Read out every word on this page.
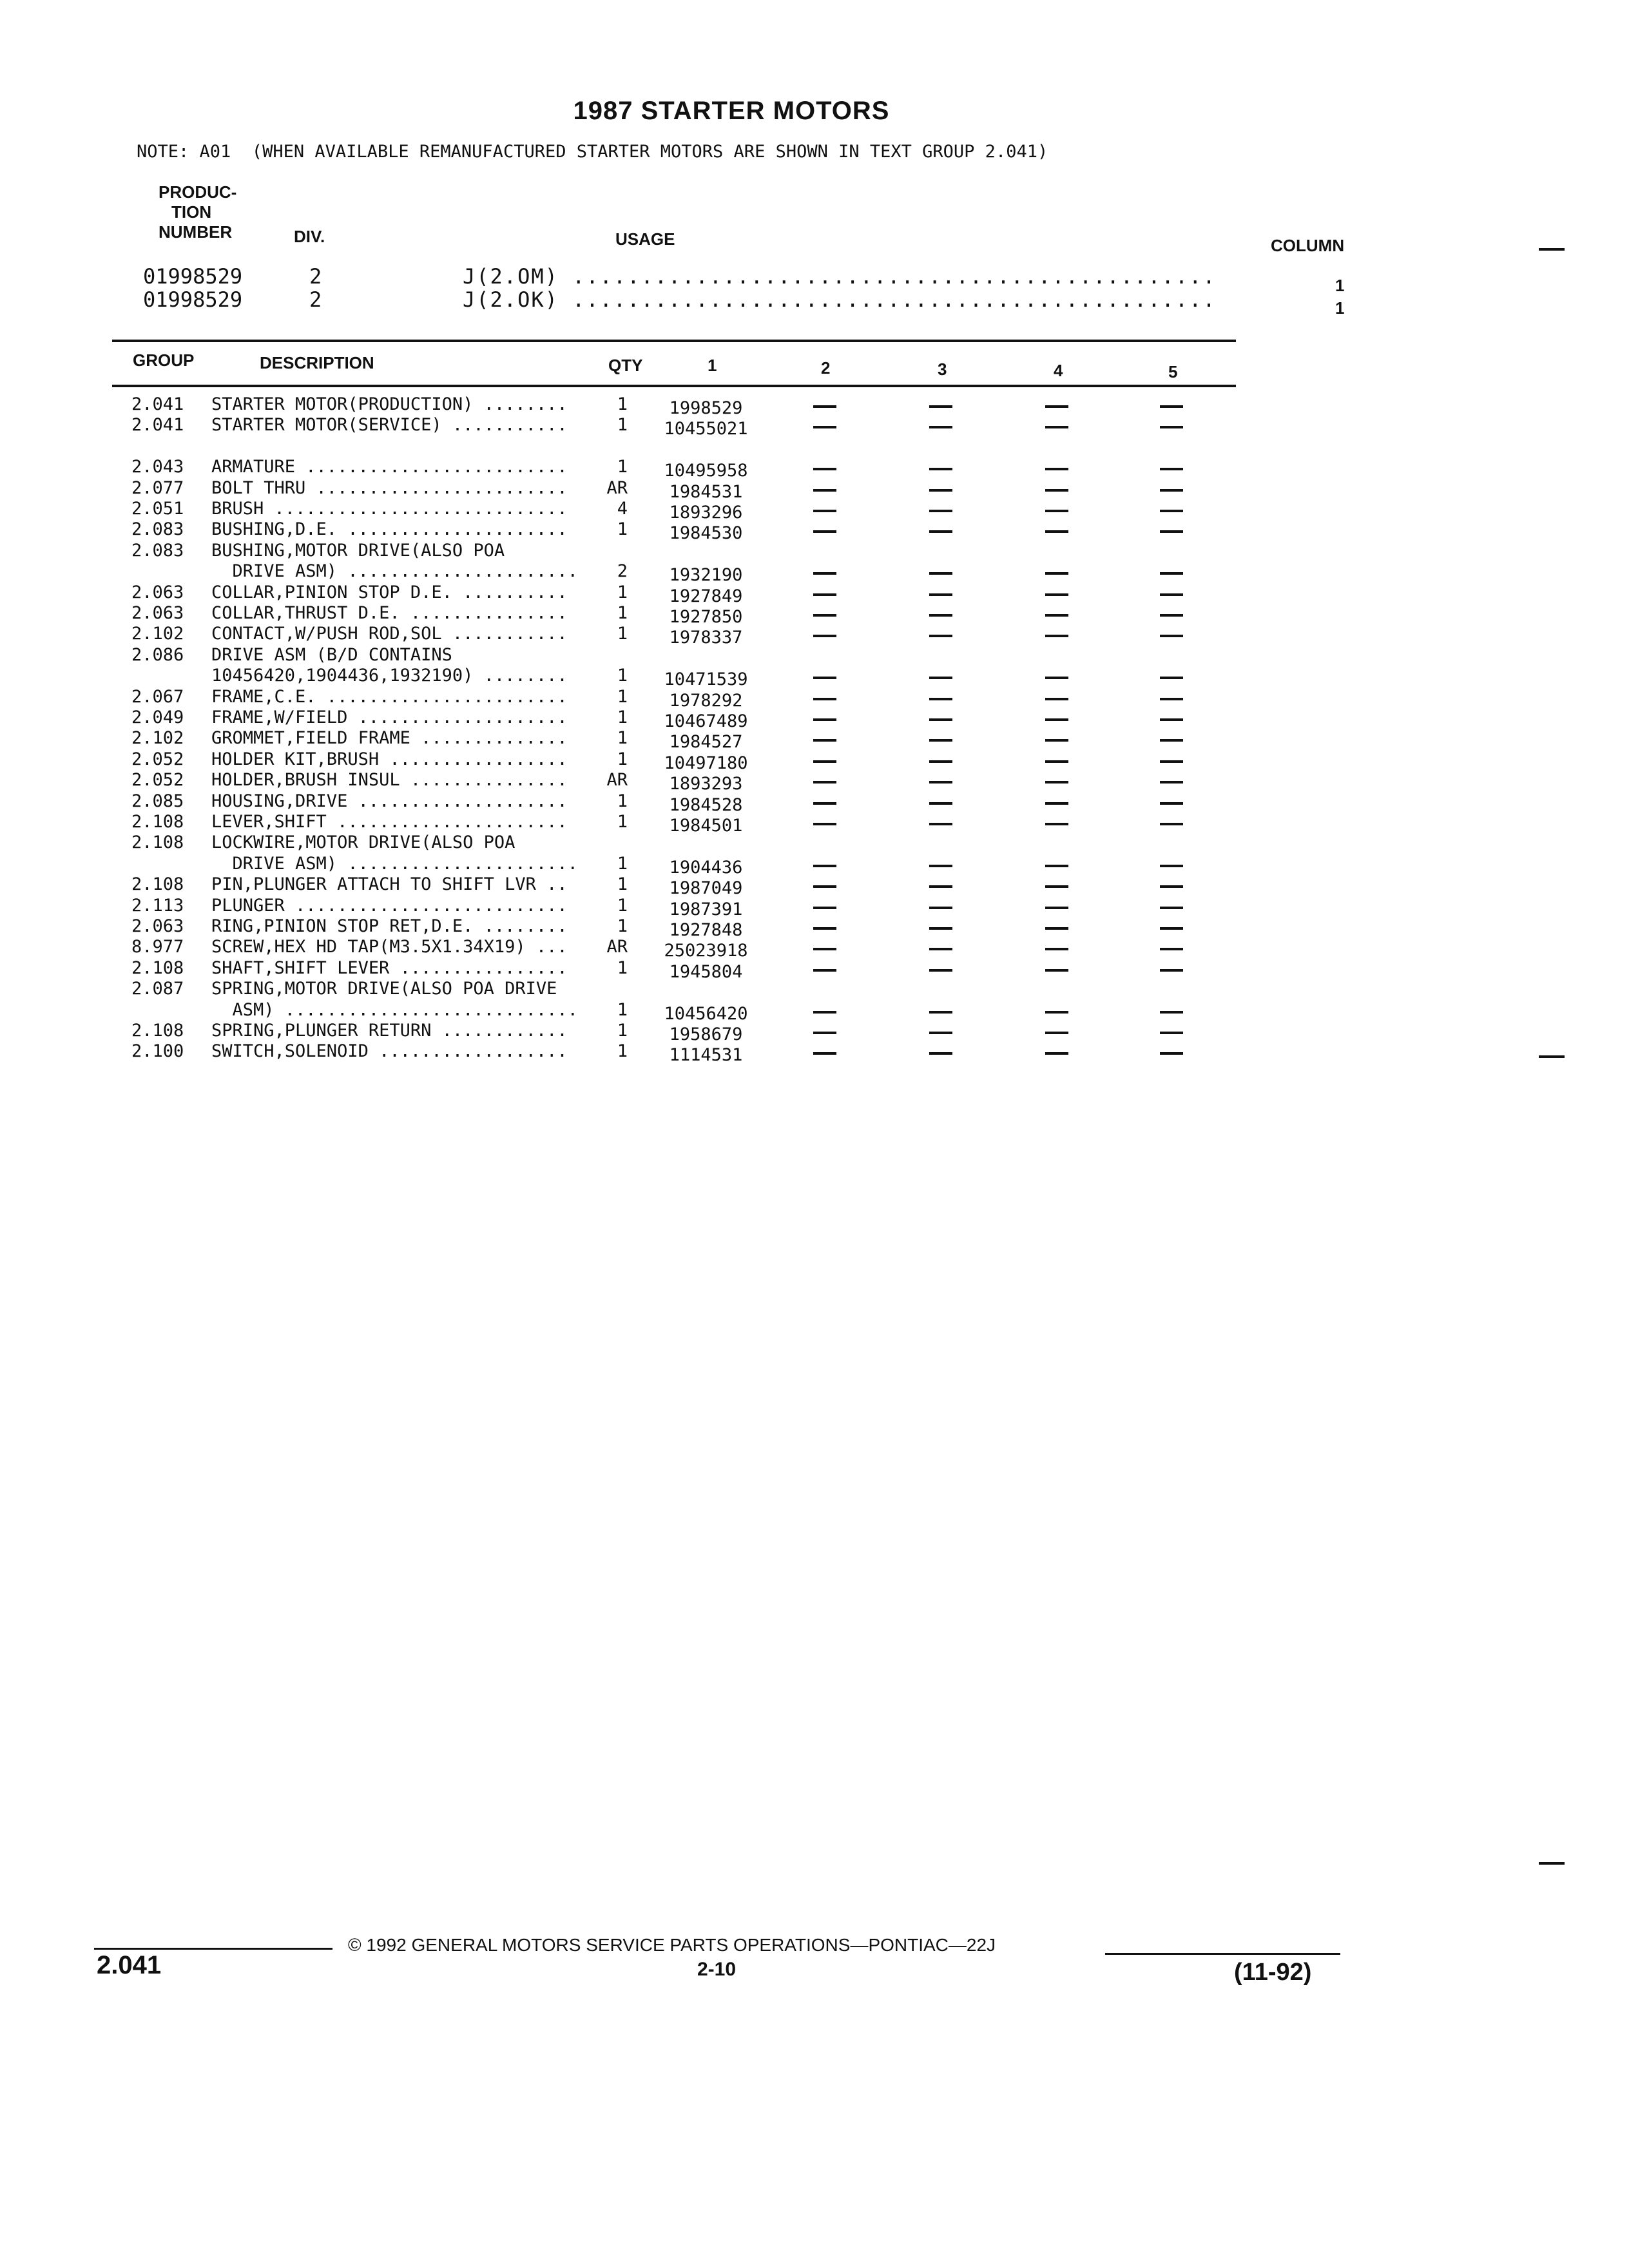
1987 STARTER MOTORS
NOTE: A01  (WHEN AVAILABLE REMANUFACTURED STARTER MOTORS ARE SHOWN IN TEXT GROUP 2.041)
PRODUC-
TION
NUMBER	DIV.	USAGE	COLUMN
01998529	2	J(2.OM) ...............................................	1
01998529	2	J(2.OK) ...............................................	1
GROUP	DESCRIPTION	QTY	1	2	3	4	5
2.041 STARTER MOTOR(PRODUCTION) ........	1	1998529
2.041 STARTER MOTOR(SERVICE) ...........	1	10455021
2.043 ARMATURE .........................	1	10495958
2.077 BOLT THRU ........................ AR	1984531
2.051 BRUSH ............................	4	1893296
2.083 BUSHING,D.E. .....................	1	1984530
2.083 BUSHING,MOTOR DRIVE(ALSO POA
DRIVE ASM) ......................	2	1932190
2.063 COLLAR,PINION STOP D.E. ..........	1	1927849
2.063 COLLAR,THRUST D.E. ...............	1	1927850
2.102 CONTACT,W/PUSH ROD,SOL ...........	1	1978337
2.086 DRIVE ASM (B/D CONTAINS
10456420,1904436,1932190) ........	1	10471539
2.067 FRAME,C.E. .......................	1	1978292
2.049 FRAME,W/FIELD ....................	1	10467489
2.102 GROMMET,FIELD FRAME ..............	1	1984527
2.052 HOLDER KIT,BRUSH .................	1	10497180
2.052 HOLDER,BRUSH INSUL ............... AR	1893293
2.085 HOUSING,DRIVE ....................	1	1984528
2.108 LEVER,SHIFT ......................	1	1984501
2.108 LOCKWIRE,MOTOR DRIVE(ALSO POA
DRIVE ASM) ......................	1	1904436
2.108 PIN,PLUNGER ATTACH TO SHIFT LVR ..	1	1987049
2.113 PLUNGER ..........................	1	1987391
2.063 RING,PINION STOP RET,D.E. ........	1	1927848
8.977 SCREW,HEX HD TAP(M3.5X1.34X19) ... AR	25023918
2.108 SHAFT,SHIFT LEVER ................	1	1945804
2.087 SPRING,MOTOR DRIVE(ALSO POA DRIVE
ASM) ............................	1	10456420
2.108 SPRING,PLUNGER RETURN ............	1	1958679
2.100 SWITCH,SOLENOID ..................	1	1114531
© 1992 GENERAL MOTORS SERVICE PARTS OPERATIONS—PONTIAC—22J
2.041	2-10	(11-92)
